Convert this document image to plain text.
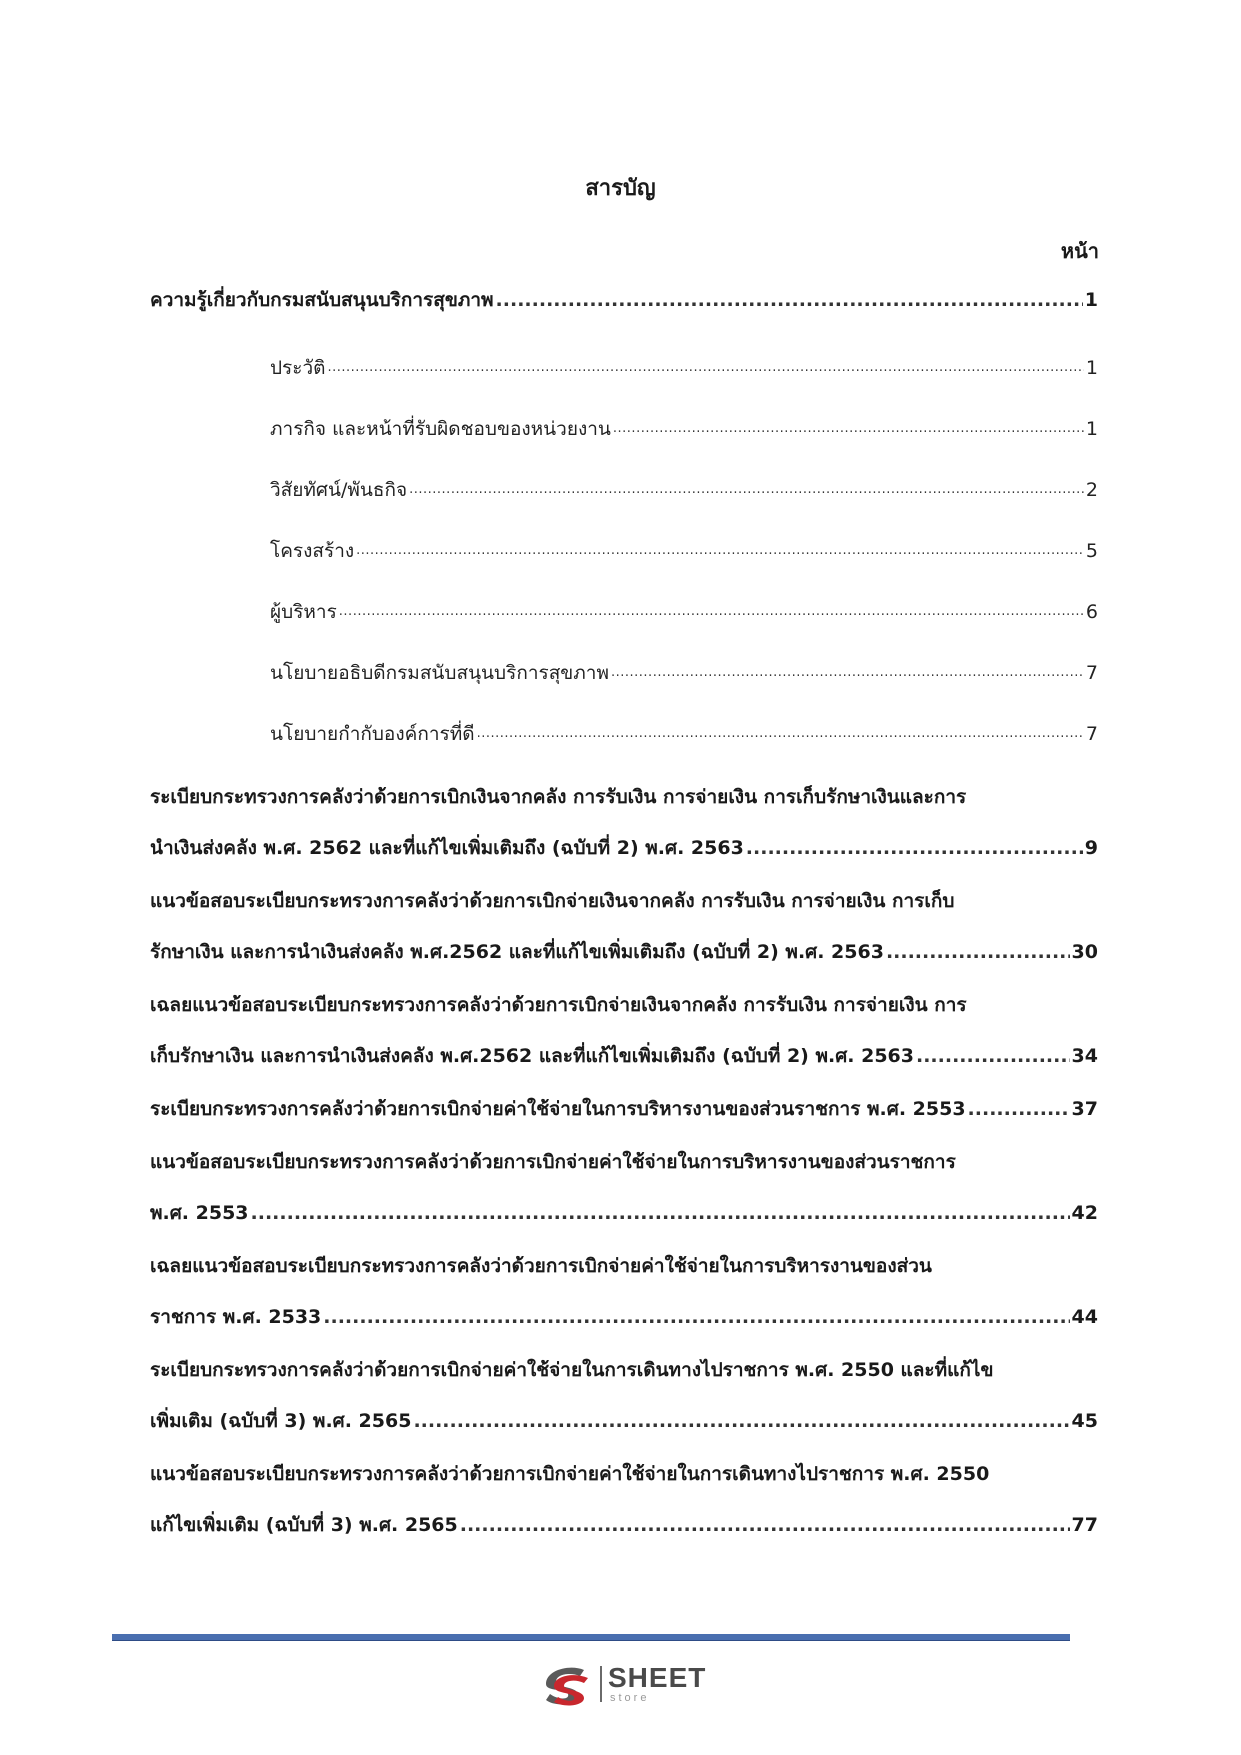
สารบัญ
หน้า
ความรู้เกี่ยวกับกรมสนับสนุนบริการสุขภาพ .....	1
ประวัติ .....	1
ภารกิจ และหน้าที่รับผิดชอบของหน่วยงาน .....	1
วิสัยทัศน์/พันธกิจ .....	2
โครงสร้าง .....	5
ผู้บริหาร .....	6
นโยบายอธิบดีกรมสนับสนุนบริการสุขภาพ .....	7
นโยบายกำกับองค์การที่ดี .....	7
ระเบียบกระทรวงการคลังว่าด้วยการเบิกเงินจากคลัง การรับเงิน การจ่ายเงิน การเก็บรักษาเงินและการ
นำเงินส่งคลัง พ.ศ. 2562 และที่แก้ไขเพิ่มเติมถึง (ฉบับที่ 2) พ.ศ. 2563 .....	9
แนวข้อสอบระเบียบกระทรวงการคลังว่าด้วยการเบิกจ่ายเงินจากคลัง การรับเงิน การจ่ายเงิน การเก็บ
รักษาเงิน และการนำเงินส่งคลัง พ.ศ.2562 และที่แก้ไขเพิ่มเติมถึง (ฉบับที่ 2) พ.ศ. 2563 .....	30
เฉลยแนวข้อสอบระเบียบกระทรวงการคลังว่าด้วยการเบิกจ่ายเงินจากคลัง การรับเงิน การจ่ายเงิน การ
เก็บรักษาเงิน และการนำเงินส่งคลัง พ.ศ.2562 และที่แก้ไขเพิ่มเติมถึง (ฉบับที่ 2) พ.ศ. 2563 .....	34
ระเบียบกระทรวงการคลังว่าด้วยการเบิกจ่ายค่าใช้จ่ายในการบริหารงานของส่วนราชการ พ.ศ. 2553 .....	37
แนวข้อสอบระเบียบกระทรวงการคลังว่าด้วยการเบิกจ่ายค่าใช้จ่ายในการบริหารงานของส่วนราชการ
พ.ศ. 2553 .....	42
เฉลยแนวข้อสอบระเบียบกระทรวงการคลังว่าด้วยการเบิกจ่ายค่าใช้จ่ายในการบริหารงานของส่วน
ราชการ พ.ศ. 2533 .....	44
ระเบียบกระทรวงการคลังว่าด้วยการเบิกจ่ายค่าใช้จ่ายในการเดินทางไปราชการ พ.ศ. 2550 และที่แก้ไข
เพิ่มเติม (ฉบับที่ 3) พ.ศ. 2565 .....	45
แนวข้อสอบระเบียบกระทรวงการคลังว่าด้วยการเบิกจ่ายค่าใช้จ่ายในการเดินทางไปราชการ พ.ศ. 2550
แก้ไขเพิ่มเติม (ฉบับที่ 3) พ.ศ. 2565 .....	77
SHEET
store
